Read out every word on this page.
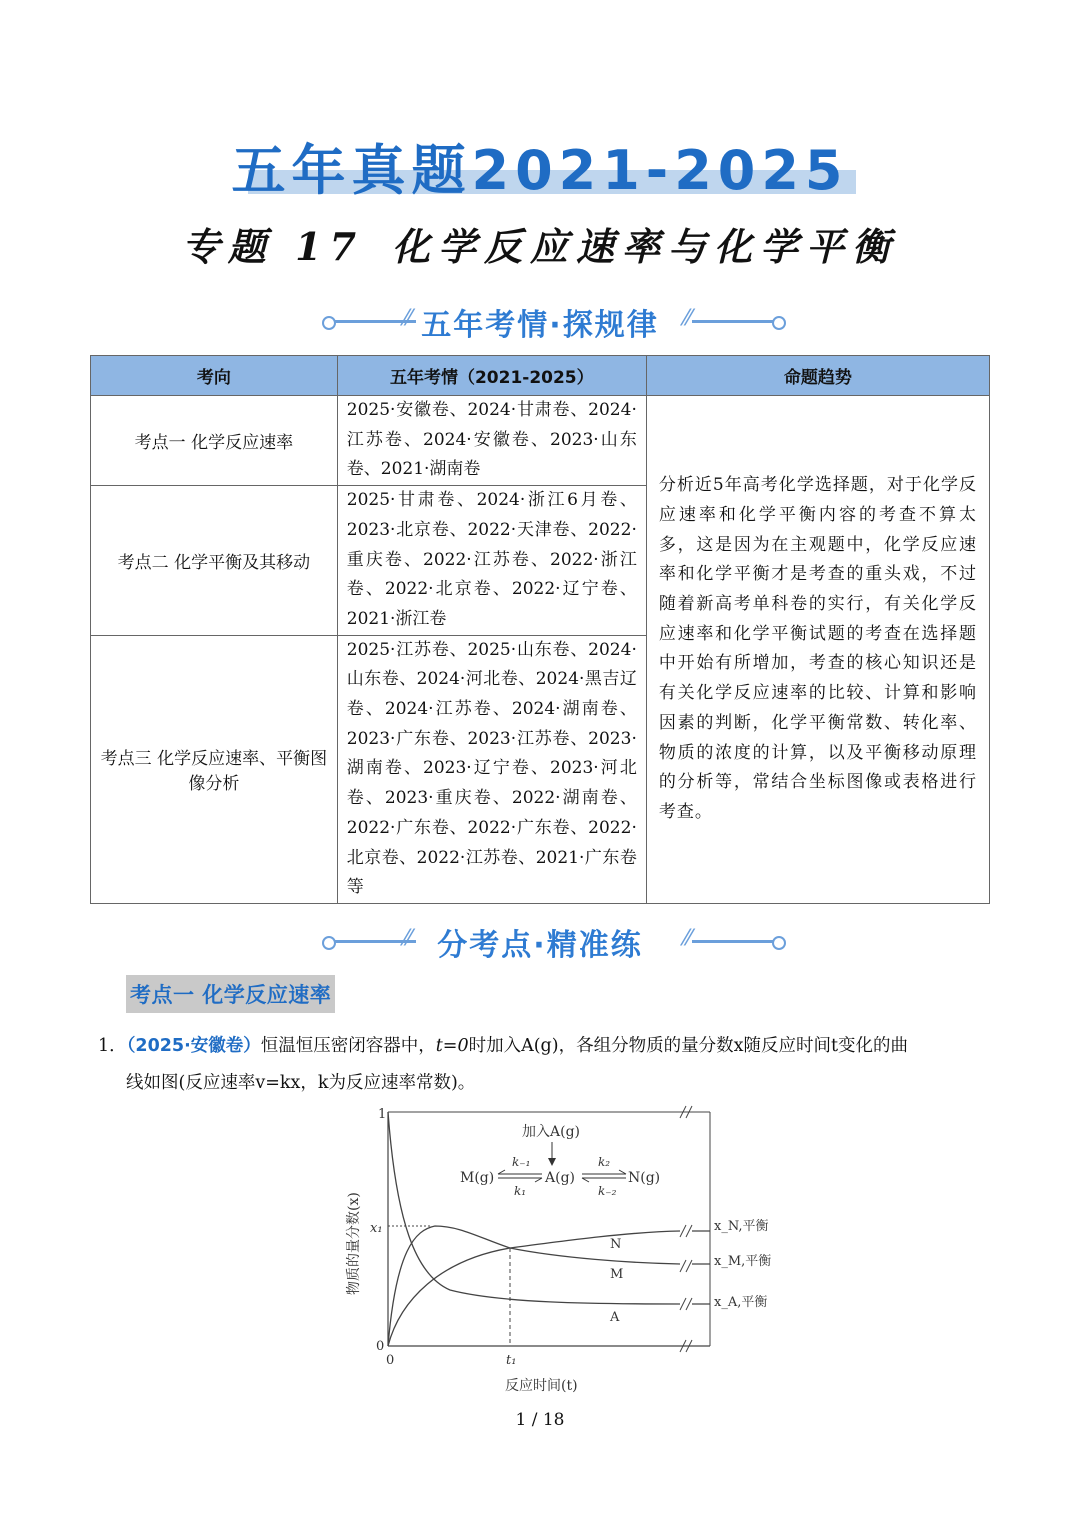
五年真题2021-2025
专题 17 化学反应速率与化学平衡
⁄⁄ 五年考情·探规律	⁄⁄
考向	五年考情（2021-2025）	命题趋势
考点一 化学反应速率	2025·安徽卷、2024·甘肃卷、2024·江苏卷、2024·安徽卷、2023·山东卷、2021·湖南卷	分析近5年高考化学选择题，对于化学反应速率和化学平衡内容的考查不算太多，这是因为在主观题中，化学反应速率和化学平衡才是考查的重头戏，不过随着新高考单科卷的实行，有关化学反应速率和化学平衡试题的考查在选择题中开始有所增加，考查的核心知识还是有关化学反应速率的比较、计算和影响因素的判断，化学平衡常数、转化率、物质的浓度的计算，以及平衡移动原理的分析等，常结合坐标图像或表格进行考查。
考点二 化学平衡及其移动	2025·甘肃卷、2024·浙江6月卷、2023·北京卷、2022·天津卷、2022·重庆卷、2022·江苏卷、2022·浙江卷、2022·北京卷、2022·辽宁卷、2021·浙江卷	
考点三 化学反应速率、平衡图像分析	2025·江苏卷、2025·山东卷、2024·山东卷、2024·河北卷、2024·黑吉辽卷、2024·江苏卷、2024·湖南卷、2023·广东卷、2023·江苏卷、2023·湖南卷、2023·辽宁卷、2023·河北卷、2023·重庆卷、2022·湖南卷、2022·广东卷、2022·广东卷、2022·北京卷、2022·江苏卷、2021·广东卷等	
⁄⁄ 分考点·精准练	⁄⁄
考点一 化学反应速率
1．（2025·安徽卷）恒温恒压密闭容器中，t=0时加入A(g)，各组分物质的量分数x随反应时间t变化的曲
线如图(反应速率v=kx，k为反应速率常数)。
1
0
0
x₁
t₁
反应时间(t)
物质的量分数(x)
加入A(g)
M(g)	A(g)	N(g)
k₋₁
k₁
k₂
k₋₂
N
M
A
x_N,平衡
x_M,平衡
x_A,平衡
1 / 18
